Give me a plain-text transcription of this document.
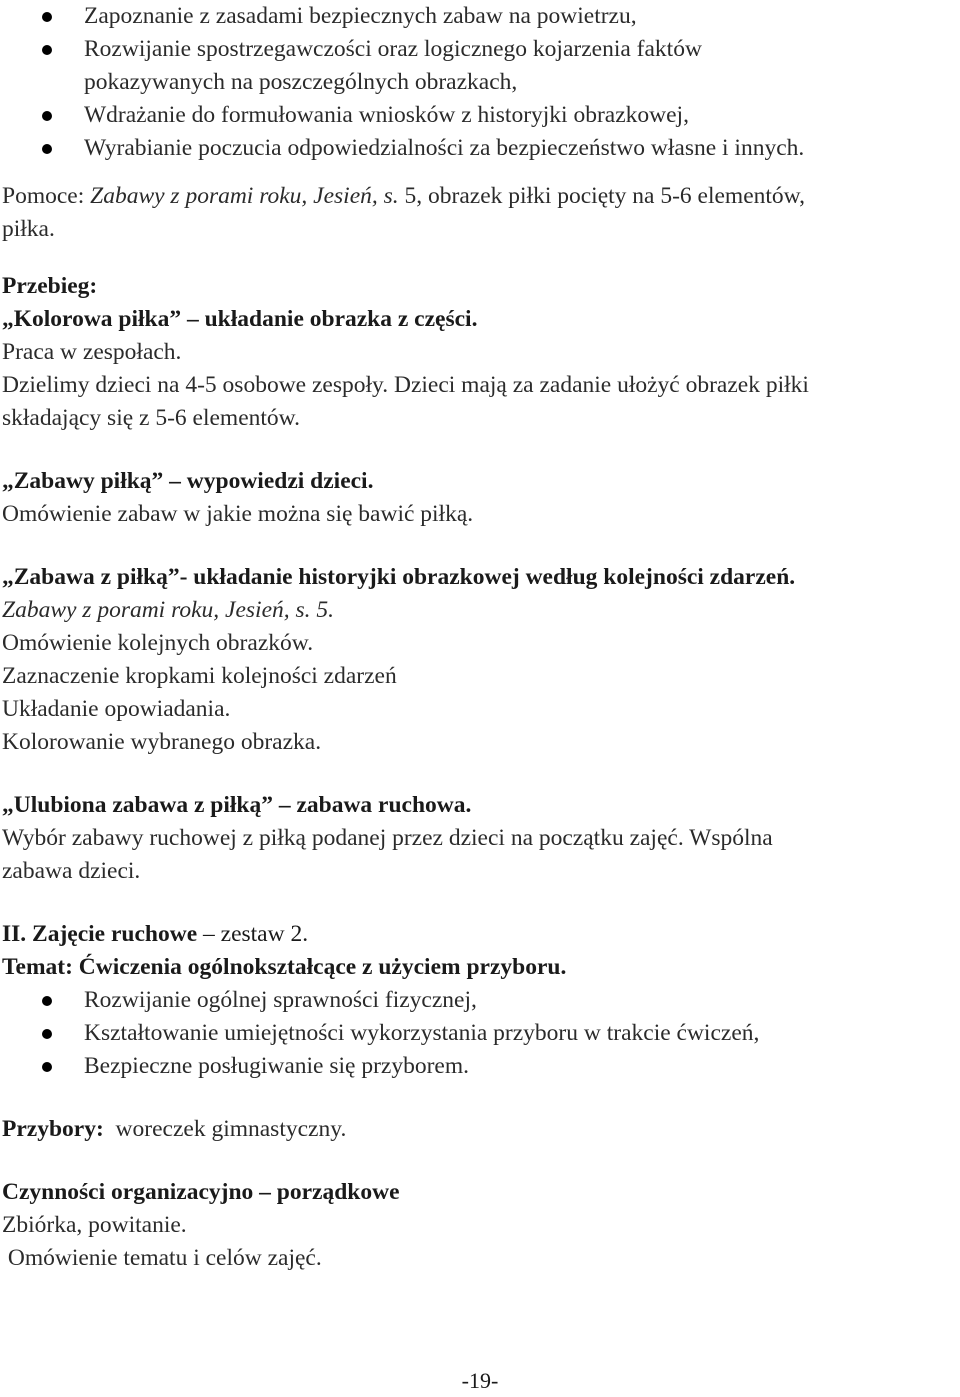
Zapoznanie z zasadami bezpiecznych zabaw na powietrzu,
Rozwijanie spostrzegawczości oraz logicznego kojarzenia faktów
pokazywanych na poszczególnych obrazkach,
Wdrażanie do formułowania wniosków z historyjki obrazkowej,
Wyrabianie poczucia odpowiedzialności za bezpieczeństwo własne i innych.
Pomoce: Zabawy z porami roku, Jesień, s. 5, obrazek piłki pocięty na 5-6 elementów,
piłka.
Przebieg:
„Kolorowa piłka” – układanie obrazka z części.
Praca w zespołach.
Dzielimy dzieci na 4-5 osobowe zespoły. Dzieci mają za zadanie ułożyć obrazek piłki
składający się z 5-6 elementów.
„Zabawy piłką” – wypowiedzi dzieci.
Omówienie zabaw w jakie można się bawić piłką.
„Zabawa z piłką”- układanie historyjki obrazkowej według kolejności zdarzeń.
Zabawy z porami roku, Jesień, s. 5.
Omówienie kolejnych obrazków.
Zaznaczenie kropkami kolejności zdarzeń
Układanie opowiadania.
Kolorowanie wybranego obrazka.
„Ulubiona zabawa z piłką” – zabawa ruchowa.
Wybór zabawy ruchowej z piłką podanej przez dzieci na początku zajęć. Wspólna
zabawa dzieci.
II. Zajęcie ruchowe – zestaw 2.
Temat: Ćwiczenia ogólnokształcące z użyciem przyboru.
Rozwijanie ogólnej sprawności fizycznej,
Kształtowanie umiejętności wykorzystania przyboru w trakcie ćwiczeń,
Bezpieczne posługiwanie się przyborem.
Przybory:  woreczek gimnastyczny.
Czynności organizacyjno – porządkowe
Zbiórka, powitanie.
Omówienie tematu i celów zajęć.
-19-
